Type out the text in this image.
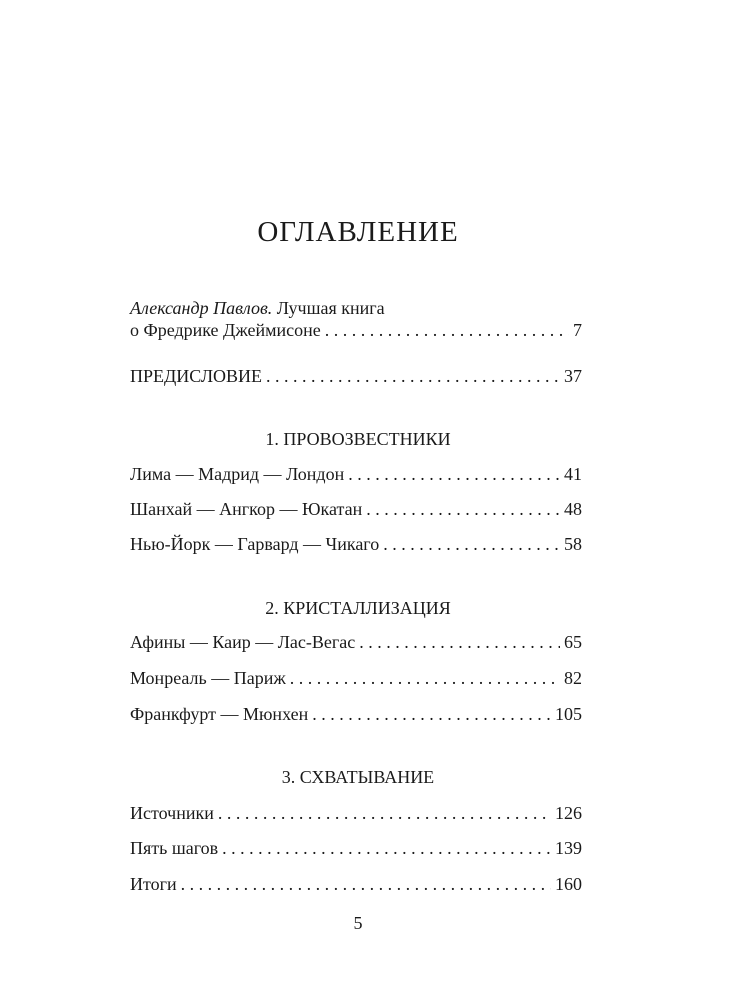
ОГЛАВЛЕНИЕ
Александр Павлов. Лучшая книга
о Фредрике Джеймисоне . . .	7
ПРЕДИСЛОВИЕ . . .	37
1. ПРОВОЗВЕСТНИКИ
Лима — Мадрид — Лондон . . .	41
Шанхай — Ангкор — Юкатан . . .	48
Нью-Йорк — Гарвард — Чикаго . . .	58
2. КРИСТАЛЛИЗАЦИЯ
Афины — Каир — Лас-Вегас . . .	65
Монреаль — Париж . . .	82
Франкфурт — Мюнхен . . .	105
3. СХВАТЫВАНИЕ
Источники . . .	126
Пять шагов . . .	139
Итоги . . .	160
5
